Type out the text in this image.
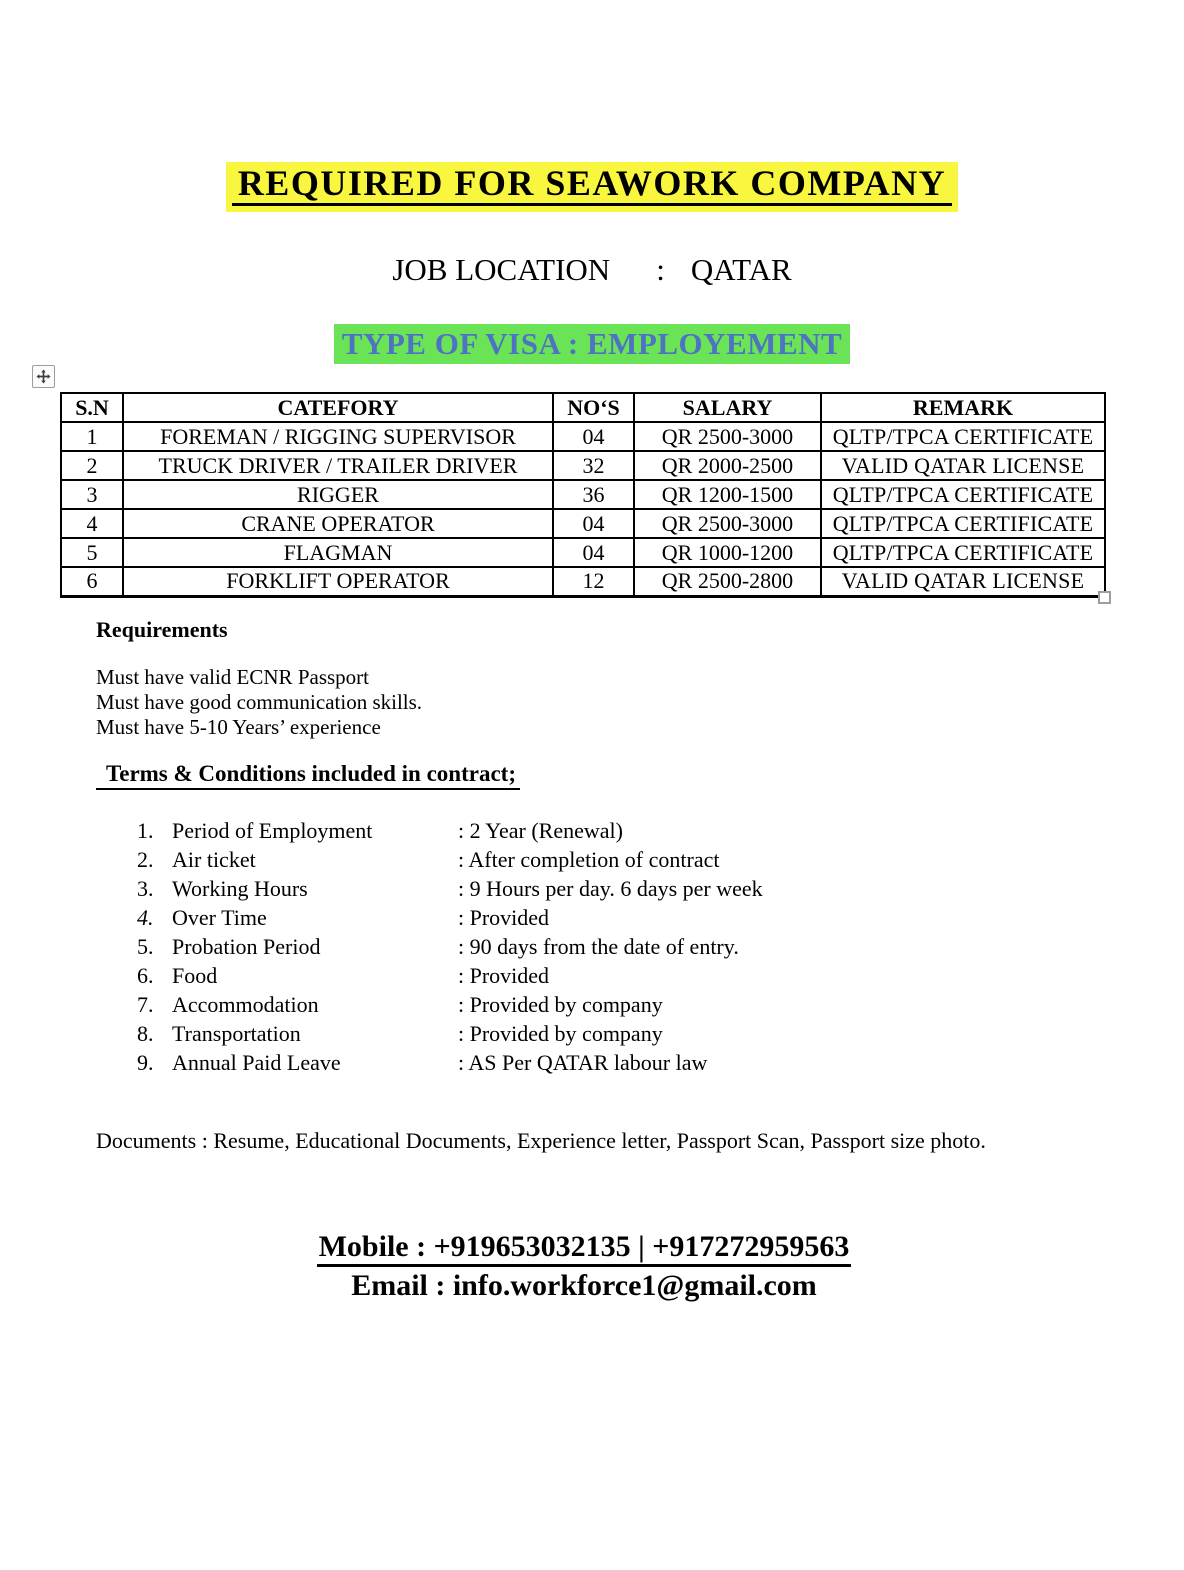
REQUIRED FOR SEAWORK COMPANY
JOB LOCATION : QATAR
TYPE OF VISA : EMPLOYEMENT
S.N	CATEFORY	NO‘S	SALARY	REMARK
1	FOREMAN / RIGGING SUPERVISOR	04	QR 2500-3000	QLTP/TPCA CERTIFICATE
2	TRUCK DRIVER / TRAILER DRIVER	32	QR 2000-2500	VALID QATAR LICENSE
3	RIGGER	36	QR 1200-1500	QLTP/TPCA CERTIFICATE
4	CRANE OPERATOR	04	QR 2500-3000	QLTP/TPCA CERTIFICATE
5	FLAGMAN	04	QR 1000-1200	QLTP/TPCA CERTIFICATE
6	FORKLIFT OPERATOR	12	QR 2500-2800	VALID QATAR LICENSE
Requirements
Must have valid ECNR Passport
Must have good communication skills.
Must have 5-10 Years’ experience
Terms & Conditions included in contract;
1. Period of Employment	: 2 Year (Renewal)
2. Air ticket	: After completion of contract
3. Working Hours	: 9 Hours per day. 6 days per week
4. Over Time	: Provided
5. Probation Period	: 90 days from the date of entry.
6. Food	: Provided
7. Accommodation	: Provided by company
8. Transportation	: Provided by company
9. Annual Paid Leave	: AS Per QATAR labour law
Documents : Resume, Educational Documents, Experience letter, Passport Scan, Passport size photo.
Mobile : +919653032135 | +917272959563
Email : info.workforce1@gmail.com
